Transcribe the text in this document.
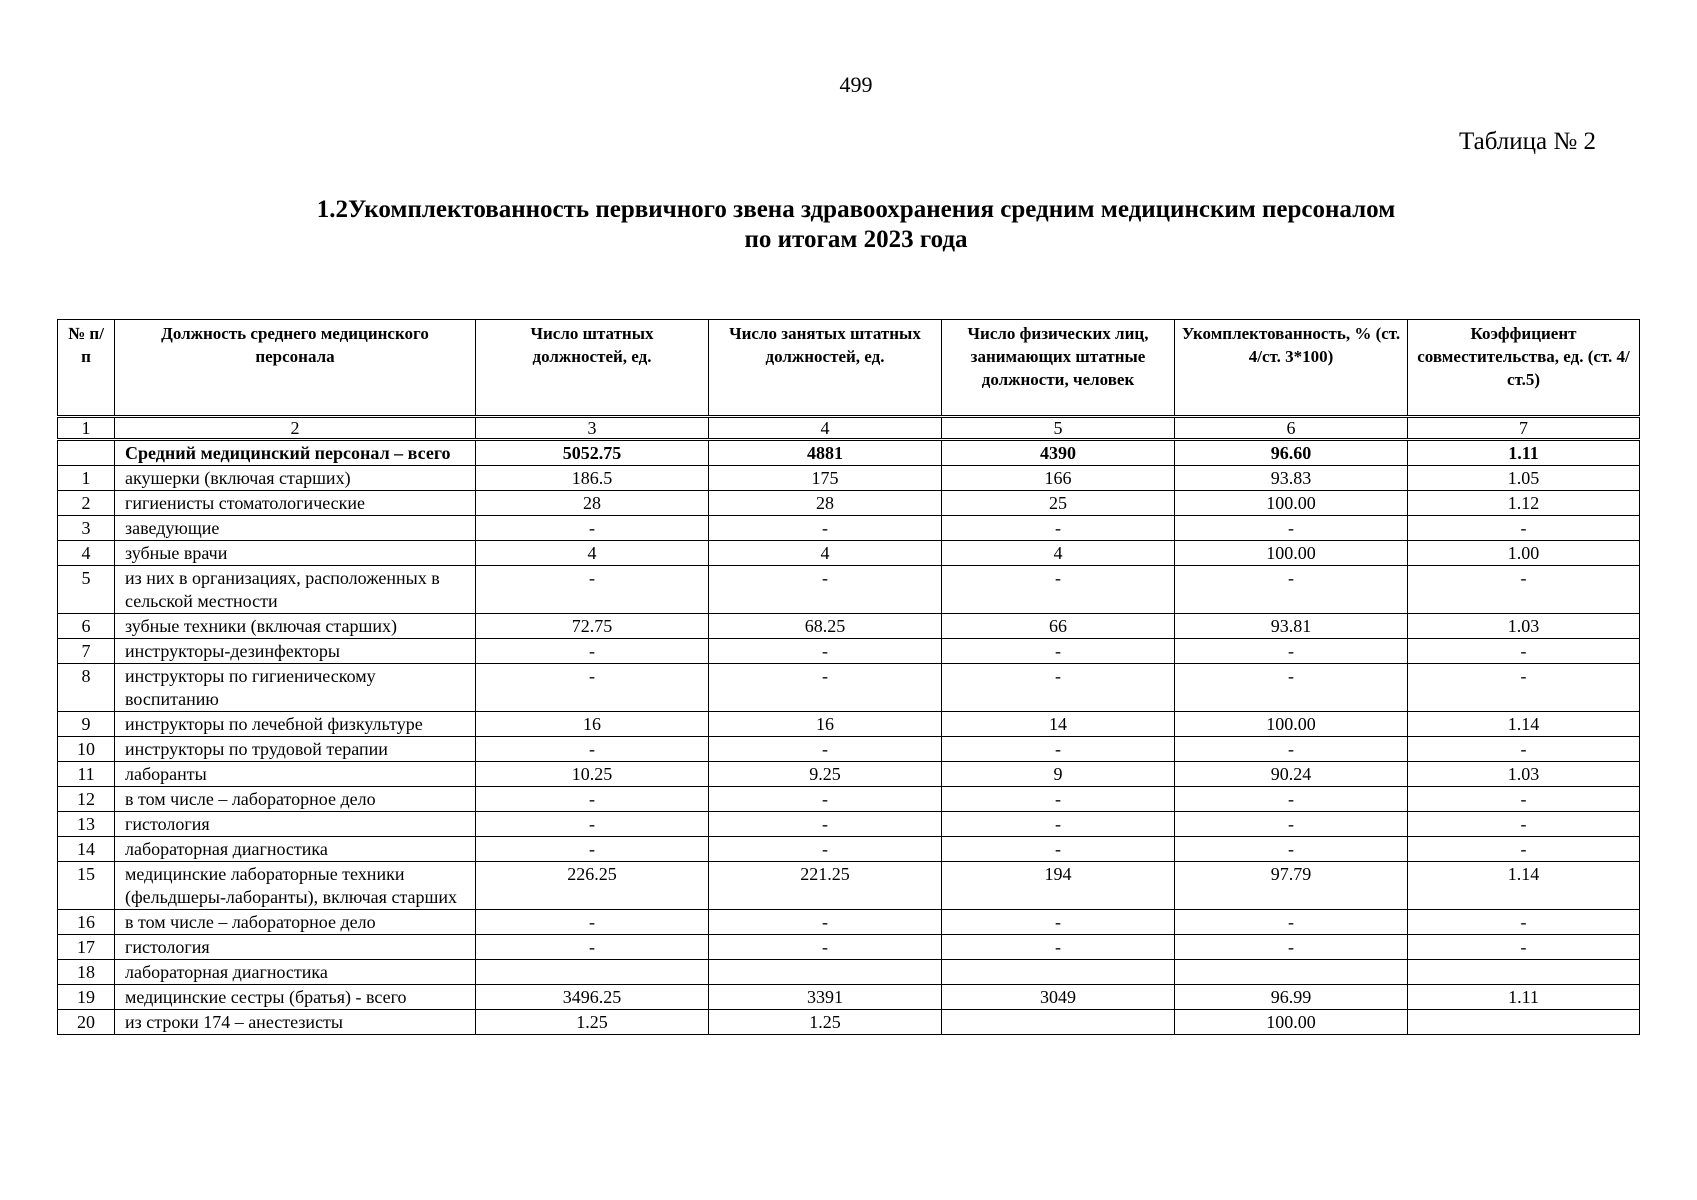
499
Таблица № 2
1.2Укомплектованность первичного звена здравоохранения средним медицинским персоналом
по итогам 2023 года
№ п/п	Должность среднего медицинского персонала	Число штатных должностей, ед.	Число занятых штатных должностей, ед.	Число физических лиц, занимающих штатные должности, человек	Укомплектованность, % (ст. 4/ст. 3*100)	Коэффициент совместительства, ед. (ст. 4/ст.5)
1	2	3	4	5	6	7
	Средний медицинский персонал – всего	5052.75	4881	4390	96.60	1.11
1	акушерки (включая старших)	186.5	175	166	93.83	1.05
2	гигиенисты стоматологические	28	28	25	100.00	1.12
3	заведующие	-	-	-	-	-
4	зубные врачи	4	4	4	100.00	1.00
5	из них в организациях, расположенных в сельской местности	-	-	-	-	-
6	зубные техники (включая старших)	72.75	68.25	66	93.81	1.03
7	инструкторы-дезинфекторы	-	-	-	-	-
8	инструкторы по гигиеническому воспитанию	-	-	-	-	-
9	инструкторы по лечебной физкультуре	16	16	14	100.00	1.14
10	инструкторы по трудовой терапии	-	-	-	-	-
11	лаборанты	10.25	9.25	9	90.24	1.03
12	в том числе – лабораторное дело	-	-	-	-	-
13	гистология	-	-	-	-	-
14	лабораторная диагностика	-	-	-	-	-
15	медицинские лабораторные техники (фельдшеры-лаборанты), включая старших	226.25	221.25	194	97.79	1.14
16	в том числе – лабораторное дело	-	-	-	-	-
17	гистология	-	-	-	-	-
18	лабораторная диагностика					
19	медицинские сестры (братья) - всего	3496.25	3391	3049	96.99	1.11
20	из строки 174 – анестезисты	1.25	1.25		100.00	
